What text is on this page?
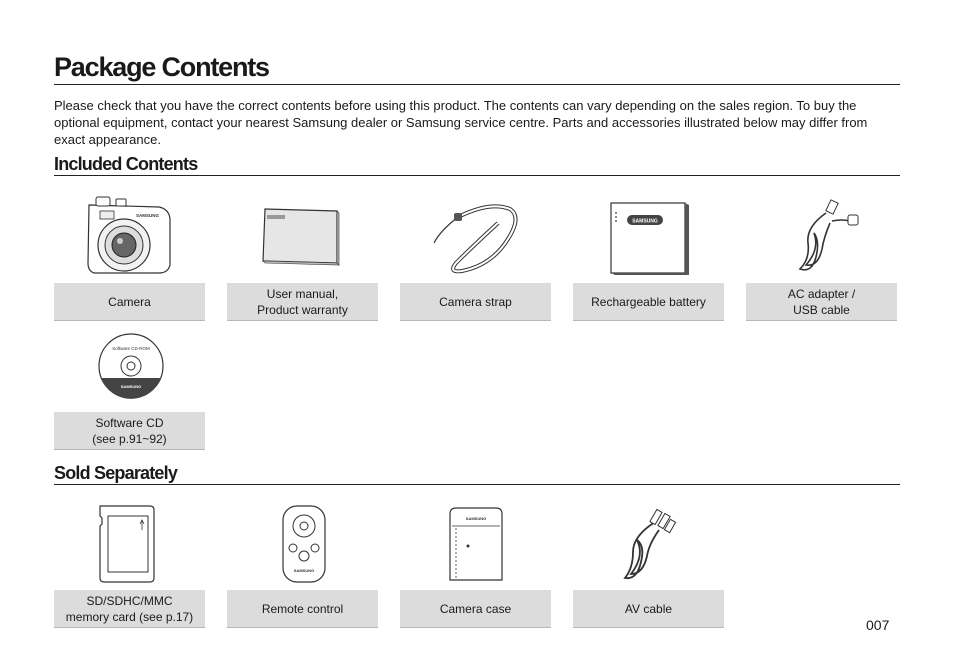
Package Contents

Please check that you have the correct contents before using this product. The contents can vary depending on the sales region. To buy the optional equipment, contact your nearest Samsung dealer or Samsung service centre. Parts and accessories illustrated below may differ from exact appearance.

Included Contents
SAMSUNG
Camera
User manual,
Product warranty
Camera strap
SAMSUNG
Rechargeable battery
AC adapter /
USB cable
Software CD-ROM
SAMSUNG
Software CD
(see p.91~92)
Sold Separately
SD/SDHC/MMC
memory card (see p.17)
SAMSUNG
Remote control
SAMSUNG
Camera case	AV cable
007
